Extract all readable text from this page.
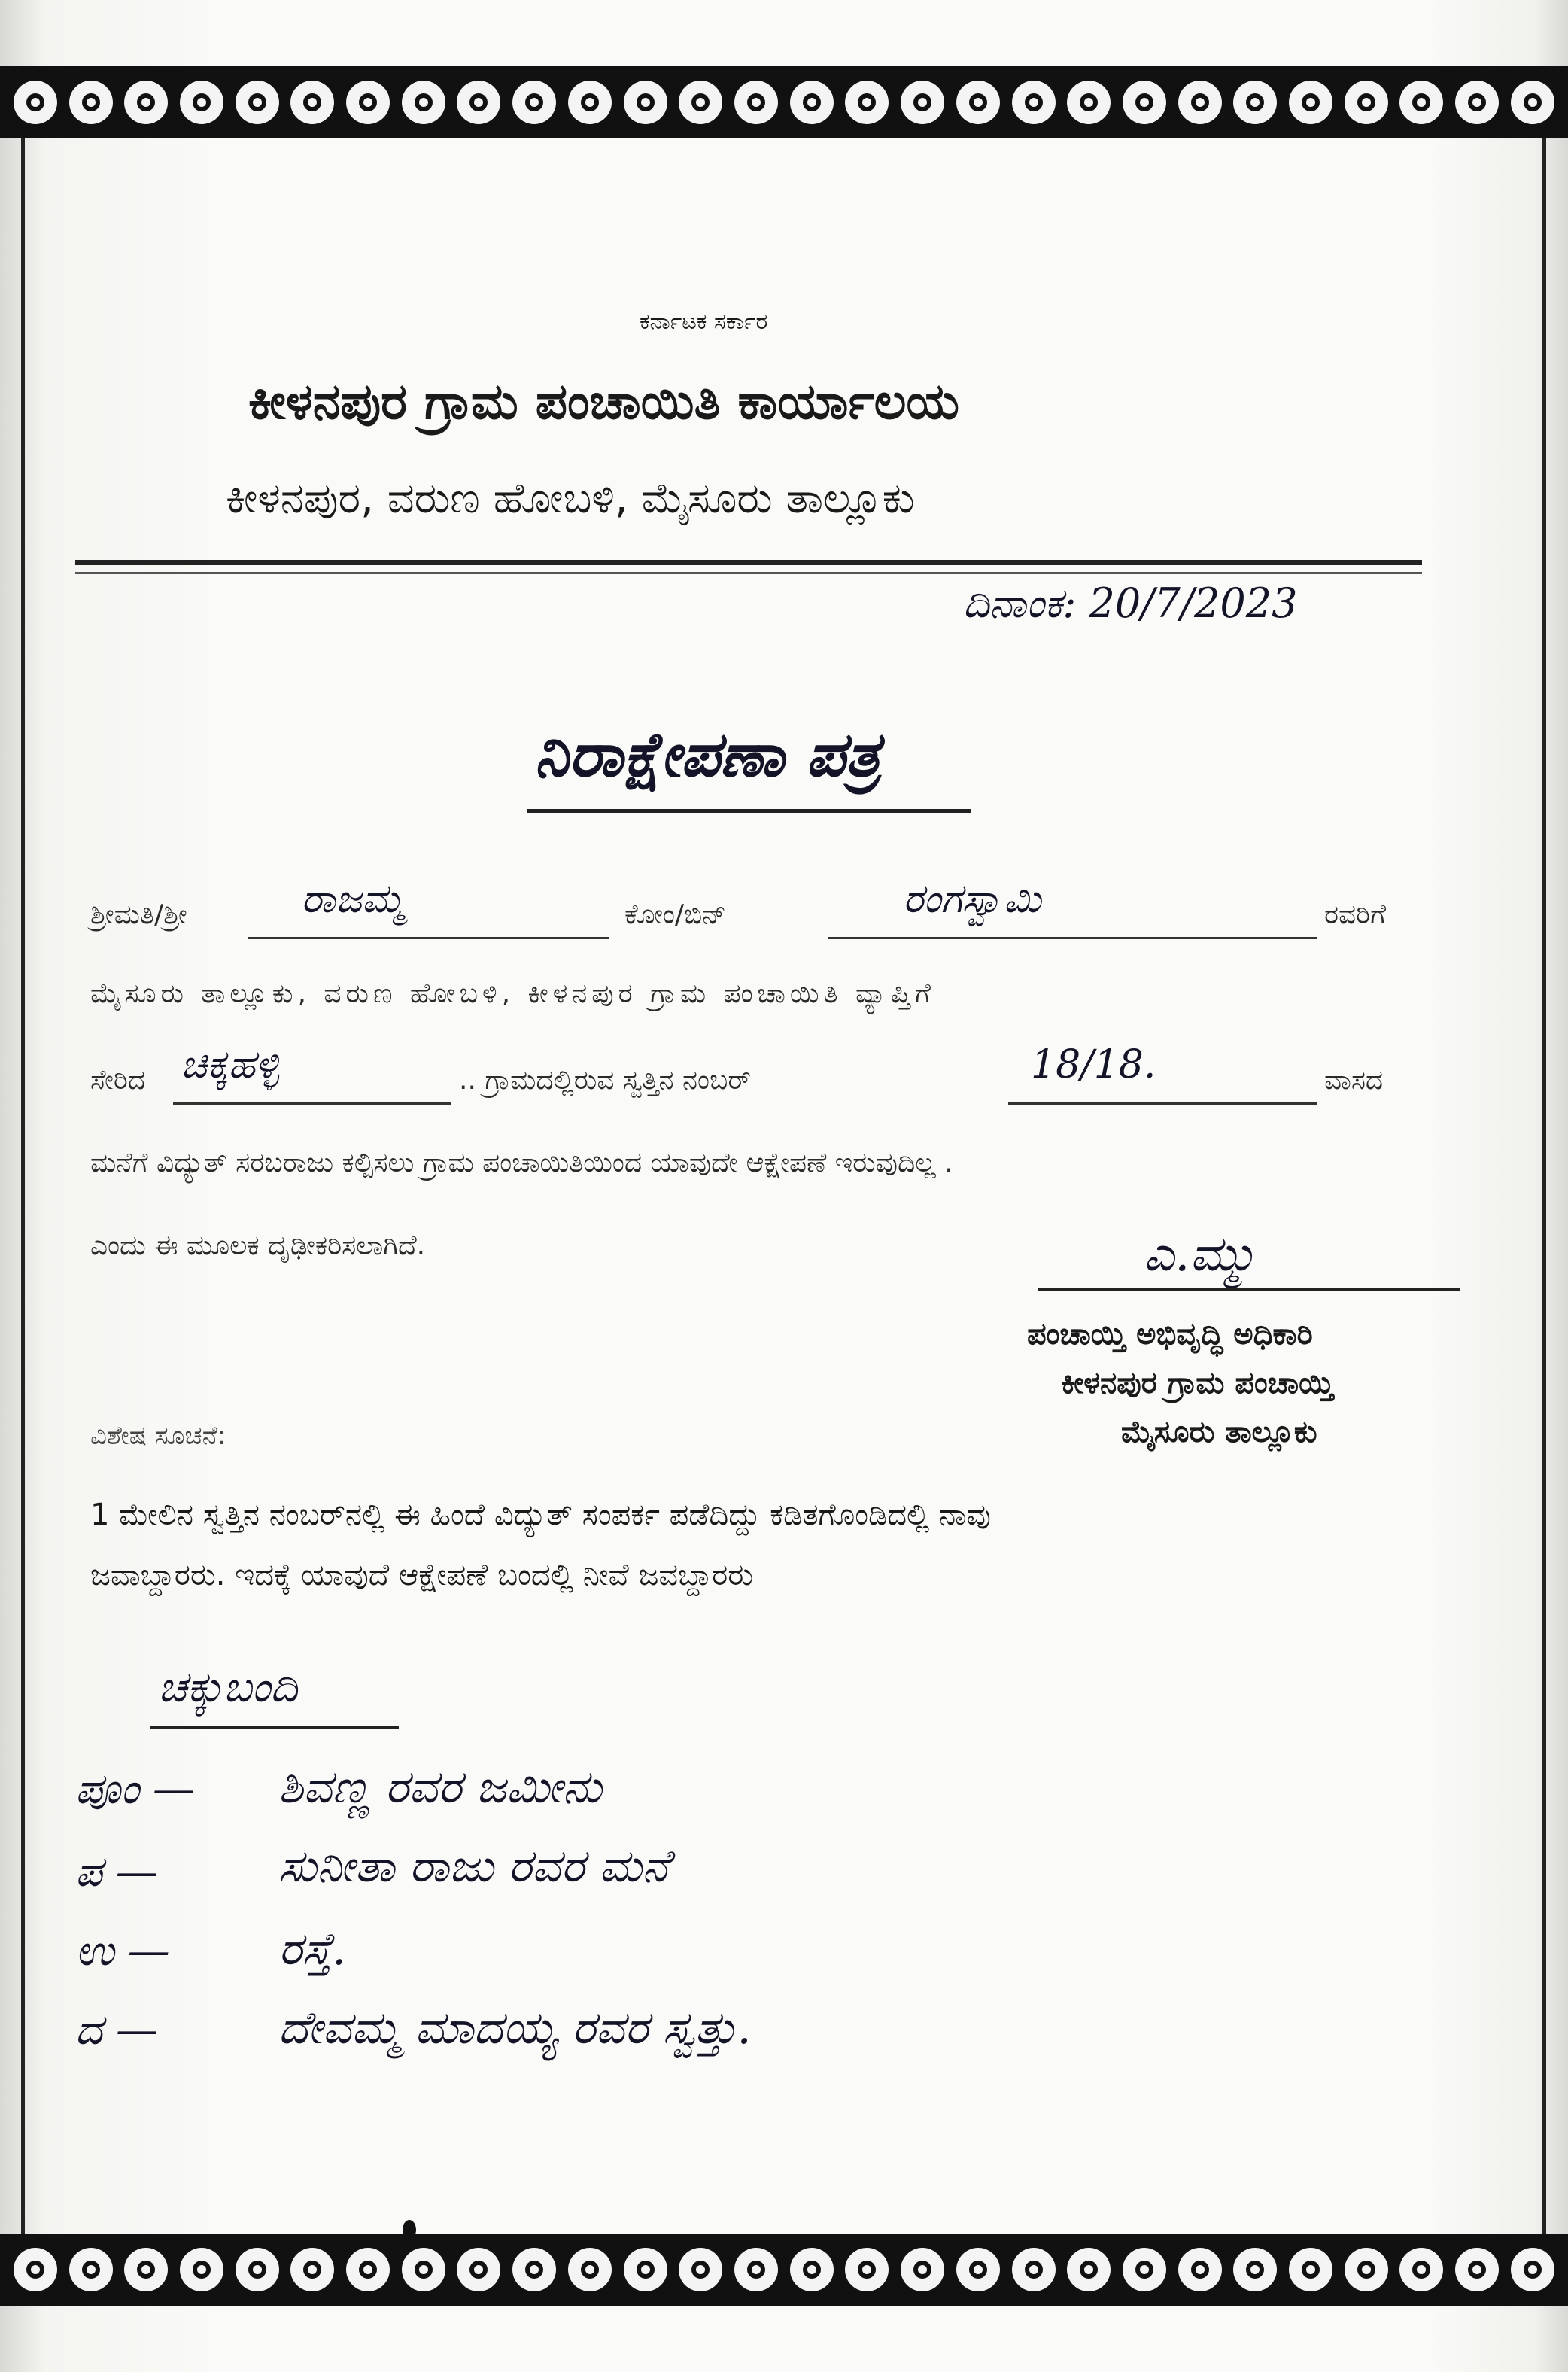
ಕರ್ನಾಟಕ ಸರ್ಕಾರ
ಕೀಳನಪುರ ಗ್ರಾಮ ಪಂಚಾಯಿತಿ ಕಾರ್ಯಾಲಯ
ಕೀಳನಪುರ, ವರುಣ ಹೋಬಳಿ, ಮೈಸೂರು ತಾಲ್ಲೂಕು
ದಿನಾಂಕ: 20/7/2023
ನಿರಾಕ್ಷೇಪಣಾ ಪತ್ರ
ಶ್ರೀಮತಿ/ಶ್ರೀ	ರಾಜಮ್ಮ	ಕೋಂ/ಬಿನ್	ರಂಗಸ್ವಾಮಿ	ರವರಿಗೆ
ಮೈಸೂರು ತಾಲ್ಲೂಕು, ವರುಣ ಹೋಬಳಿ, ಕೀಳನಪುರ ಗ್ರಾಮ ಪಂಚಾಯಿತಿ ವ್ಯಾಪ್ತಿಗೆ
ಸೇರಿದ ಚಿಕ್ಕಹಳ್ಳಿ	.. ಗ್ರಾಮದಲ್ಲಿರುವ ಸ್ವತ್ತಿನ ನಂಬರ್	18/18.	ವಾಸದ
ಮನೆಗೆ ವಿದ್ಯುತ್ ಸರಬರಾಜು ಕಲ್ಪಿಸಲು ಗ್ರಾಮ ಪಂಚಾಯಿತಿಯಿಂದ ಯಾವುದೇ ಆಕ್ಷೇಪಣೆ ಇರುವುದಿಲ್ಲ .
ಎಂದು ಈ ಮೂಲಕ ದೃಢೀಕರಿಸಲಾಗಿದೆ.	ಎ.ಮ್ಮು
ಪಂಚಾಯ್ತಿ ಅಭಿವೃದ್ಧಿ ಅಧಿಕಾರಿ
ಕೀಳನಪುರ ಗ್ರಾಮ ಪಂಚಾಯ್ತಿ
ಮೈಸೂರು ತಾಲ್ಲೂಕು
ವಿಶೇಷ ಸೂಚನೆ:
1 ಮೇಲಿನ ಸ್ವತ್ತಿನ ನಂಬರ್‌ನಲ್ಲಿ ಈ ಹಿಂದೆ ವಿದ್ಯುತ್ ಸಂಪರ್ಕ ಪಡೆದಿದ್ದು ಕಡಿತಗೊಂಡಿದಲ್ಲಿ ನಾವು
ಜವಾಬ್ದಾರರು. ಇದಕ್ಕೆ ಯಾವುದೆ ಆಕ್ಷೇಪಣೆ ಬಂದಲ್ಲಿ ನೀವೆ ಜವಬ್ದಾರರು
ಚಕ್ಕುಬಂದಿ
ಪೂಂ — ಶಿವಣ್ಣ ರವರ ಜಮೀನು
ಪ —	ಸುನೀತಾ ರಾಜು ರವರ ಮನೆ
ಉ — ರಸ್ತೆ.
ದ —	ದೇವಮ್ಮ ಮಾದಯ್ಯ ರವರ ಸ್ವತ್ತು.
